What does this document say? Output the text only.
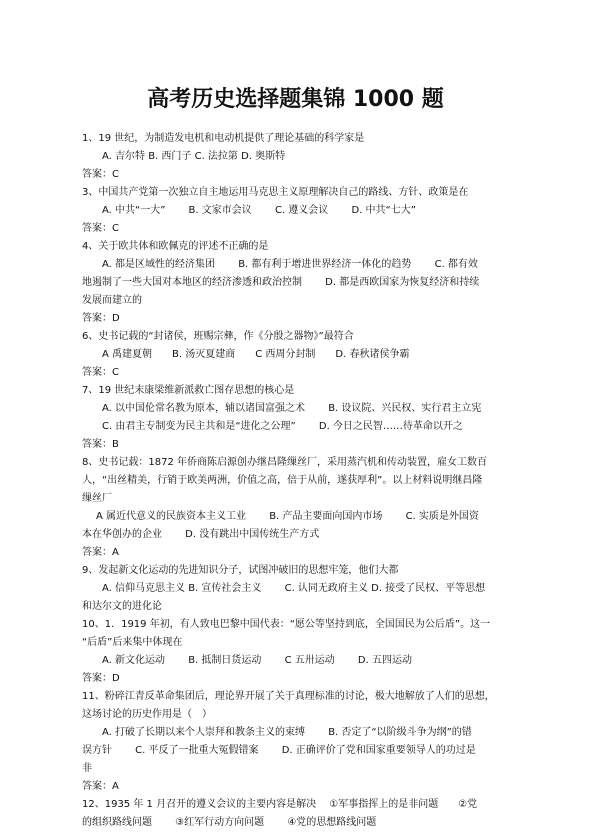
高考历史选择题集锦 1000 题
1、19 世纪，为制造发电机和电动机提供了理论基础的科学家是
A. 吉尔特 B. 西门子 C. 法拉第 D. 奥斯特
答案：C
3、中国共产党第一次独立自主地运用马克思主义原理解决自己的路线、方针、政策是在
A. 中共“一大”　　 B. 文家市会议　　 C. 遵义会议　　 D. 中共“七大”
答案：C
4、关于欧共体和欧佩克的评述不正确的是
A. 都是区域性的经济集团　　 B. 都有利于增进世界经济一体化的趋势　　 C. 都有效
地遏制了一些大国对本地区的经济渗透和政治控制　　 D. 都是西欧国家为恢复经济和持续
发展而建立的
答案：D
6、史书记载的“封诸侯，班赐宗彝，作《分殷之器物》”最符合
A 禹建夏朝　　B. 汤灭夏建商　　C 西周分封制　　D. 春秋诸侯争霸
答案：C
7、19 世纪末康梁维新派救亡图存思想的核心是
A. 以中国伦常名教为原本，辅以诸国富强之术　　 B. 设议院、兴民权、实行君主立宪
C. 由君主专制变为民主共和是“进化之公理”　　 D. 今日之民智……待革命以开之
答案：B
8、史书记载：1872 年侨商陈启源创办继昌隆缫丝厂，采用蒸汽机和传动装置，雇女工数百
人，“出丝精美，行销于欧美两洲，价值之高，倍于从前，遂获厚利”。以上材料说明继昌隆
缫丝厂
A 属近代意义的民族资本主义工业　　 B. 产品主要面向国内市场　　 C. 实质是外国资
本在华创办的企业　　 D. 没有跳出中国传统生产方式
答案：A
9、发起新文化运动的先进知识分子，试图冲破旧的思想牢笼，他们大都
A. 信仰马克思主义 B. 宣传社会主义　　 C. 认同无政府主义 D. 接受了民权、平等思想
和达尔文的进化论
10、1．1919 年初，有人致电巴黎中国代表：“愿公等坚持到底，全国国民为公后盾”。这一
“后盾”后来集中体现在
A. 新文化运动　　 B. 抵制日货运动　　 C 五卅运动　　 D. 五四运动
答案：D
11、粉碎江青反革命集团后，理论界开展了关于真理标准的讨论，极大地解放了人们的思想，
这场讨论的历史作用是（　）
A. 打破了长期以来个人崇拜和教条主义的束缚　　 B. 否定了“以阶级斗争为纲”的错
误方针　　 C. 平反了一批重大冤假错案　　 D. 正确评价了党和国家重要领导人的功过是
非
答案：A
12、1935 年 1 月召开的遵义会议的主要内容是解决　 ①军事指挥上的是非问题　　②党
的组织路线问题　　 ③红军行动方向问题　　 ④党的思想路线问题
